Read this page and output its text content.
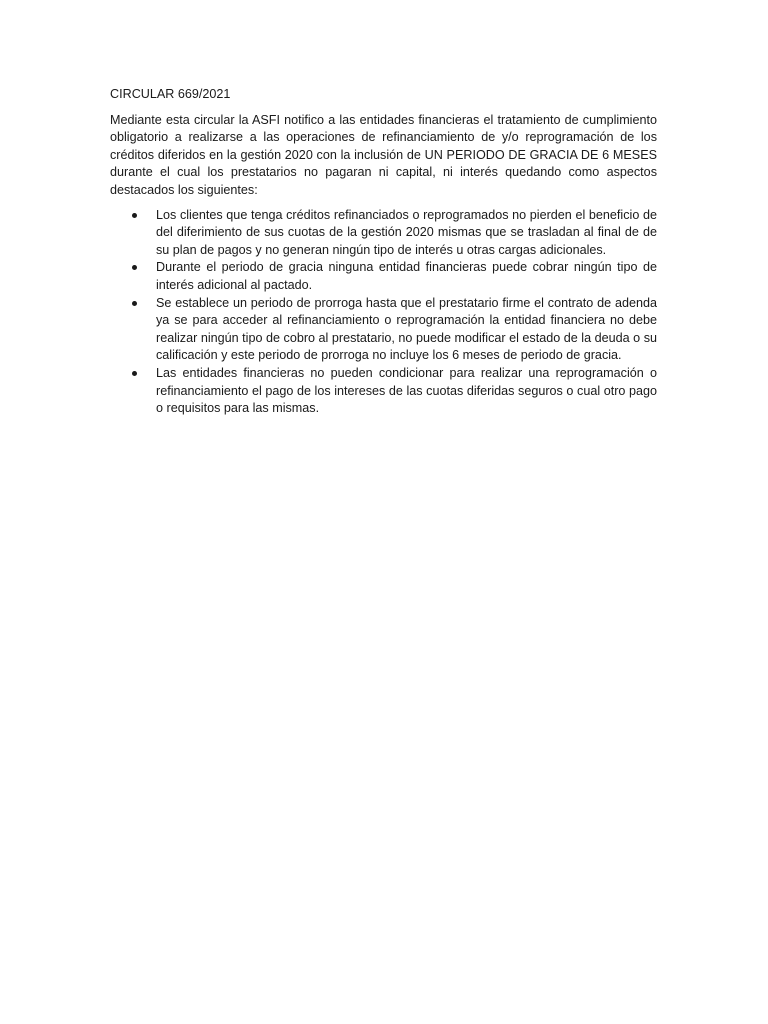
CIRCULAR 669/2021

Mediante esta circular la ASFI notifico a las entidades financieras el tratamiento de cumplimiento obligatorio a realizarse a las operaciones de refinanciamiento de y/o reprogramación de los créditos diferidos en la gestión 2020 con la inclusión de UN PERIODO DE GRACIA DE 6 MESES durante el cual los prestatarios no pagaran ni capital, ni interés quedando como aspectos destacados los siguientes:

Los clientes que tenga créditos refinanciados o reprogramados no pierden el beneficio de del diferimiento de sus cuotas de la gestión 2020 mismas que se trasladan al final de de su plan de pagos y no generan ningún tipo de interés u otras cargas adicionales.
Durante el periodo de gracia ninguna entidad financieras puede cobrar ningún tipo de interés adicional al pactado.
Se establece un periodo de prorroga hasta que el prestatario firme el contrato de adenda ya se para acceder al refinanciamiento o reprogramación la entidad financiera no debe realizar ningún tipo de cobro al prestatario, no puede modificar el estado de la deuda o su calificación y este periodo de prorroga no incluye los 6 meses de periodo de gracia.
Las entidades financieras no pueden condicionar para realizar una reprogramación o refinanciamiento el pago de los intereses de las cuotas diferidas seguros o cual otro pago o requisitos para las mismas.
